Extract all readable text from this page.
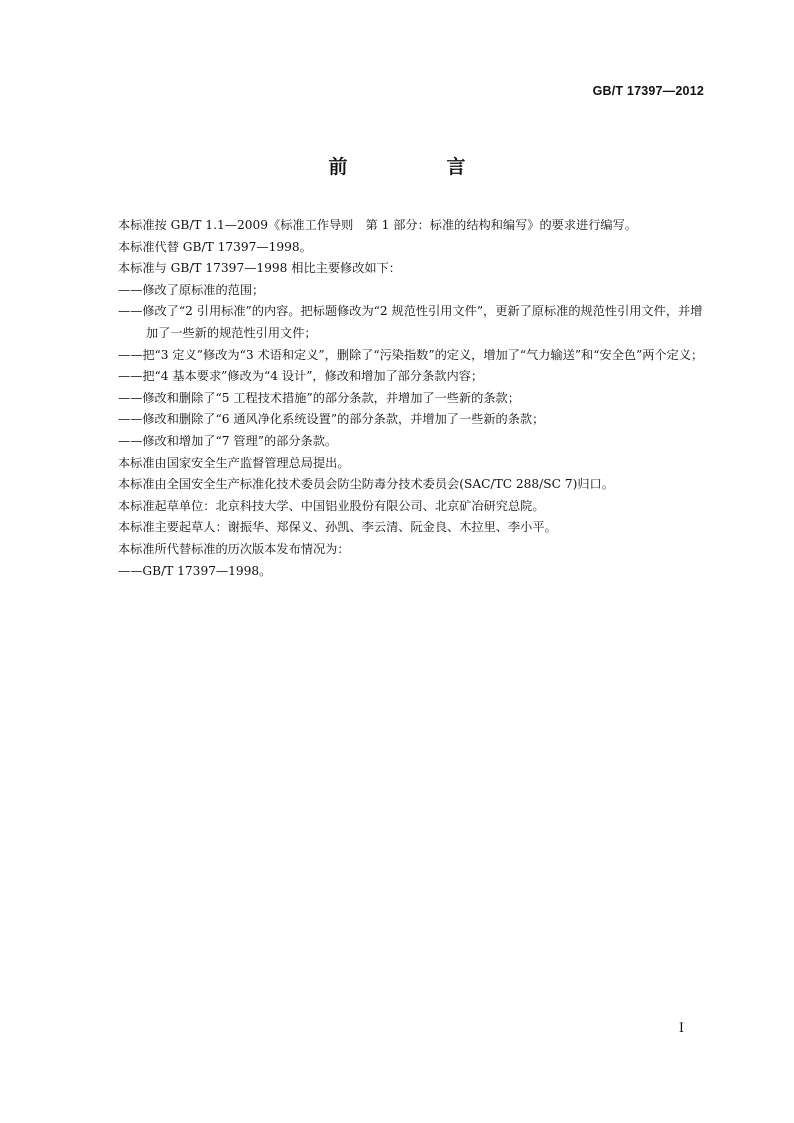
GB/T 17397—2012
前　言

本标准按 GB/T 1.1—2009《标准工作导则　第 1 部分：标准的结构和编写》的要求进行编写。

本标准代替 GB/T 17397—1998。

本标准与 GB/T 17397—1998 相比主要修改如下：

——修改了原标准的范围；

——修改了“2 引用标准”的内容。把标题修改为“2 规范性引用文件”，更新了原标准的规范性引用文件，并增加了一些新的规范性引用文件；

——把“3 定义”修改为“3 术语和定义”，删除了“污染指数”的定义，增加了“气力输送”和“安全色”两个定义；

——把“4 基本要求”修改为“4 设计”，修改和增加了部分条款内容；

——修改和删除了“5 工程技术措施”的部分条款，并增加了一些新的条款；

——修改和删除了“6 通风净化系统设置”的部分条款，并增加了一些新的条款；

——修改和增加了“7 管理”的部分条款。

本标准由国家安全生产监督管理总局提出。

本标准由全国安全生产标准化技术委员会防尘防毒分技术委员会(SAC/TC 288/SC 7)归口。

本标准起草单位：北京科技大学、中国铝业股份有限公司、北京矿冶研究总院。

本标准主要起草人：谢振华、郑保义、孙凯、李云清、阮金良、木拉里、李小平。

本标准所代替标准的历次版本发布情况为：

——GB/T 17397—1998。

I
